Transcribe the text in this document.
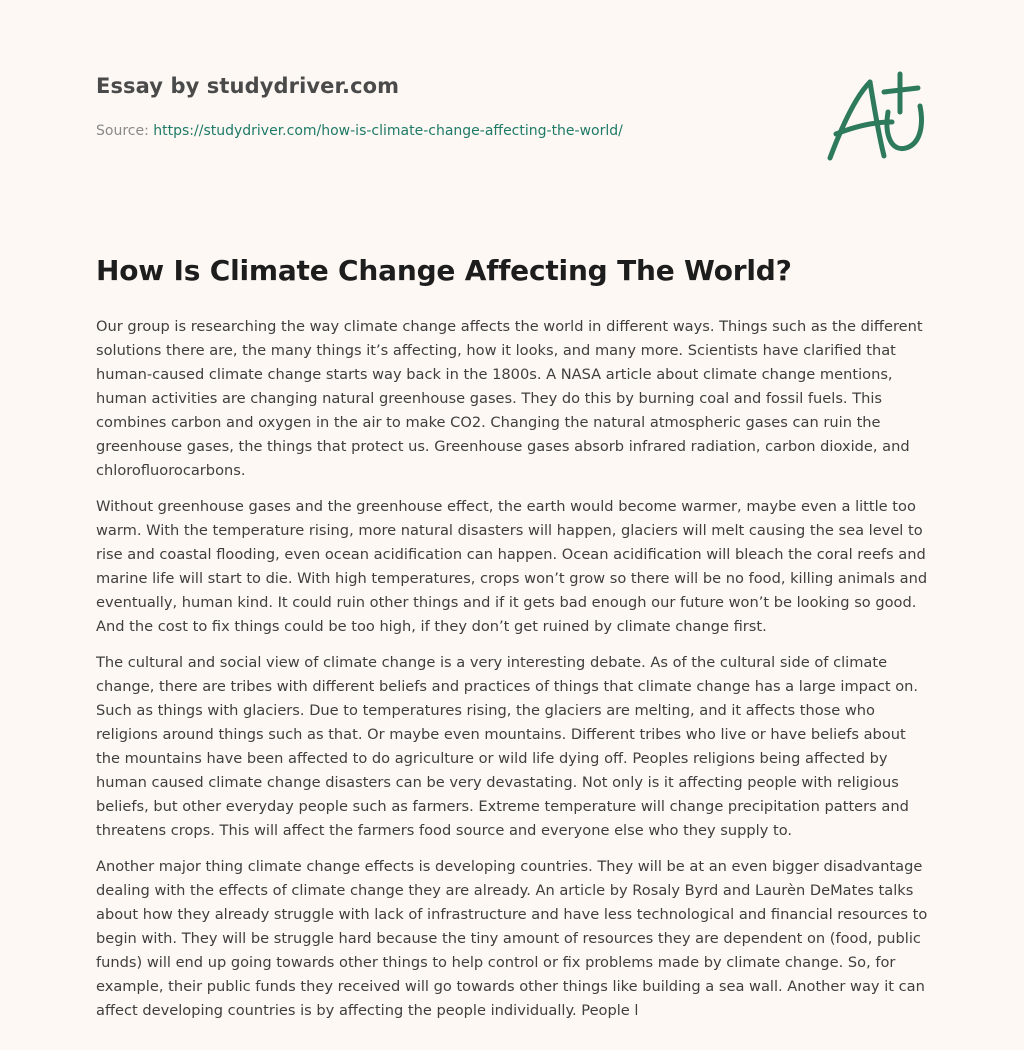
Essay by studydriver.com
Source: https://studydriver.com/how-is-climate-change-affecting-the-world/
How Is Climate Change Affecting The World?

Our group is researching the way climate change affects the world in different ways. Things such as the different solutions there are, the many things it’s affecting, how it looks, and many more. Scientists have clarified that human-caused climate change starts way back in the 1800s. A NASA article about climate change mentions, human activities are changing natural greenhouse gases. They do this by burning coal and fossil fuels. This combines carbon and oxygen in the air to make CO2. Changing the natural atmospheric gases can ruin the greenhouse gases, the things that protect us. Greenhouse gases absorb infrared radiation, carbon dioxide, and chlorofluorocarbons.

Without greenhouse gases and the greenhouse effect, the earth would become warmer, maybe even a little too warm. With the temperature rising, more natural disasters will happen, glaciers will melt causing the sea level to rise and coastal flooding, even ocean acidification can happen. Ocean acidification will bleach the coral reefs and marine life will start to die. With high temperatures, crops won’t grow so there will be no food, killing animals and eventually, human kind. It could ruin other things and if it gets bad enough our future won’t be looking so good. And the cost to fix things could be too high, if they don’t get ruined by climate change first.

The cultural and social view of climate change is a very interesting debate. As of the cultural side of climate change, there are tribes with different beliefs and practices of things that climate change has a large impact on. Such as things with glaciers. Due to temperatures rising, the glaciers are melting, and it affects those who religions around things such as that. Or maybe even mountains. Different tribes who live or have beliefs about the mountains have been affected to do agriculture or wild life dying off. Peoples religions being affected by human caused climate change disasters can be very devastating. Not only is it affecting people with religious beliefs, but other everyday people such as farmers. Extreme temperature will change precipitation patters and threatens crops. This will affect the farmers food source and everyone else who they supply to.

Another major thing climate change effects is developing countries. They will be at an even bigger disadvantage dealing with the effects of climate change they are already. An article by Rosaly Byrd and Laurèn DeMates talks about how they already struggle with lack of infrastructure and have less technological and financial resources to begin with. They will be struggle hard because the tiny amount of resources they are dependent on (food, public funds) will end up going towards other things to help control or fix problems made by climate change. So, for example, their public funds they received will go towards other things like building a sea wall. Another way it can affect developing countries is by affecting the people individually. People l
